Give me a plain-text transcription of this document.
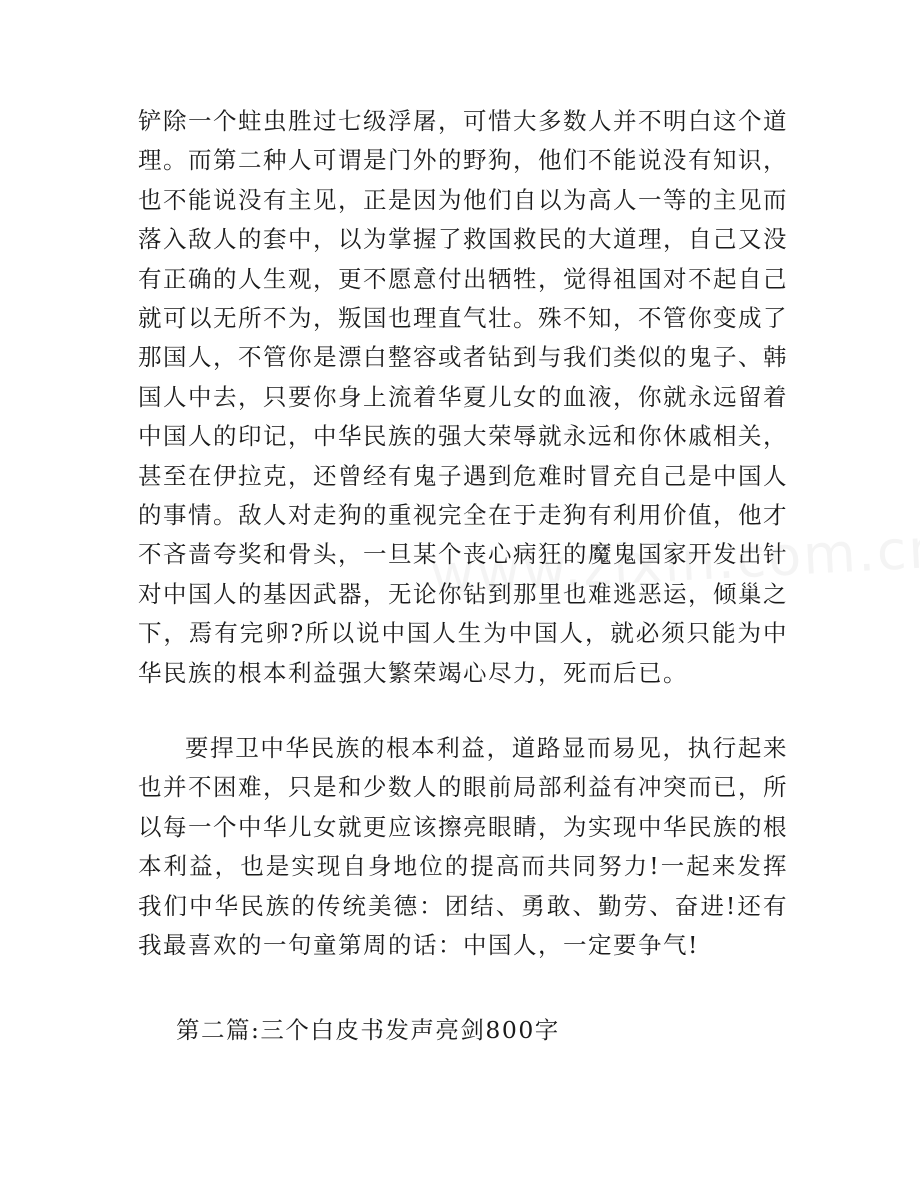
铲除一个蛀虫胜过七级浮屠，可惜大多数人并不明白这个道理。而第二种人可谓是门外的野狗，他们不能说没有知识，也不能说没有主见，正是因为他们自以为高人一等的主见而落入敌人的套中，以为掌握了救国救民的大道理，自己又没有正确的人生观，更不愿意付出牺牲，觉得祖国对不起自己就可以无所不为，叛国也理直气壮。殊不知，不管你变成了那国人，不管你是漂白整容或者钻到与我们类似的鬼子、韩国人中去，只要你身上流着华夏儿女的血液，你就永远留着中国人的印记，中华民族的强大荣辱就永远和你休戚相关，甚至在伊拉克，还曾经有鬼子遇到危难时冒充自己是中国人的事情。敌人对走狗的重视完全在于走狗有利用价值，他才不吝啬夸奖和骨头，一旦某个丧心病狂的魔鬼国家开发出针对中国人的基因武器，无论你钻到那里也难逃恶运，倾巢之下，焉有完卵?所以说中国人生为中国人，就必须只能为中华民族的根本利益强大繁荣竭心尽力，死而后已。

要捍卫中华民族的根本利益，道路显而易见，执行起来也并不困难，只是和少数人的眼前局部利益有冲突而已，所以每一个中华儿女就更应该擦亮眼睛，为实现中华民族的根本利益，也是实现自身地位的提高而共同努力!一起来发挥我们中华民族的传统美德：团结、勇敢、勤劳、奋进!还有我最喜欢的一句童第周的话：中国人，一定要争气!

第二篇:三个白皮书发声亮剑800字
